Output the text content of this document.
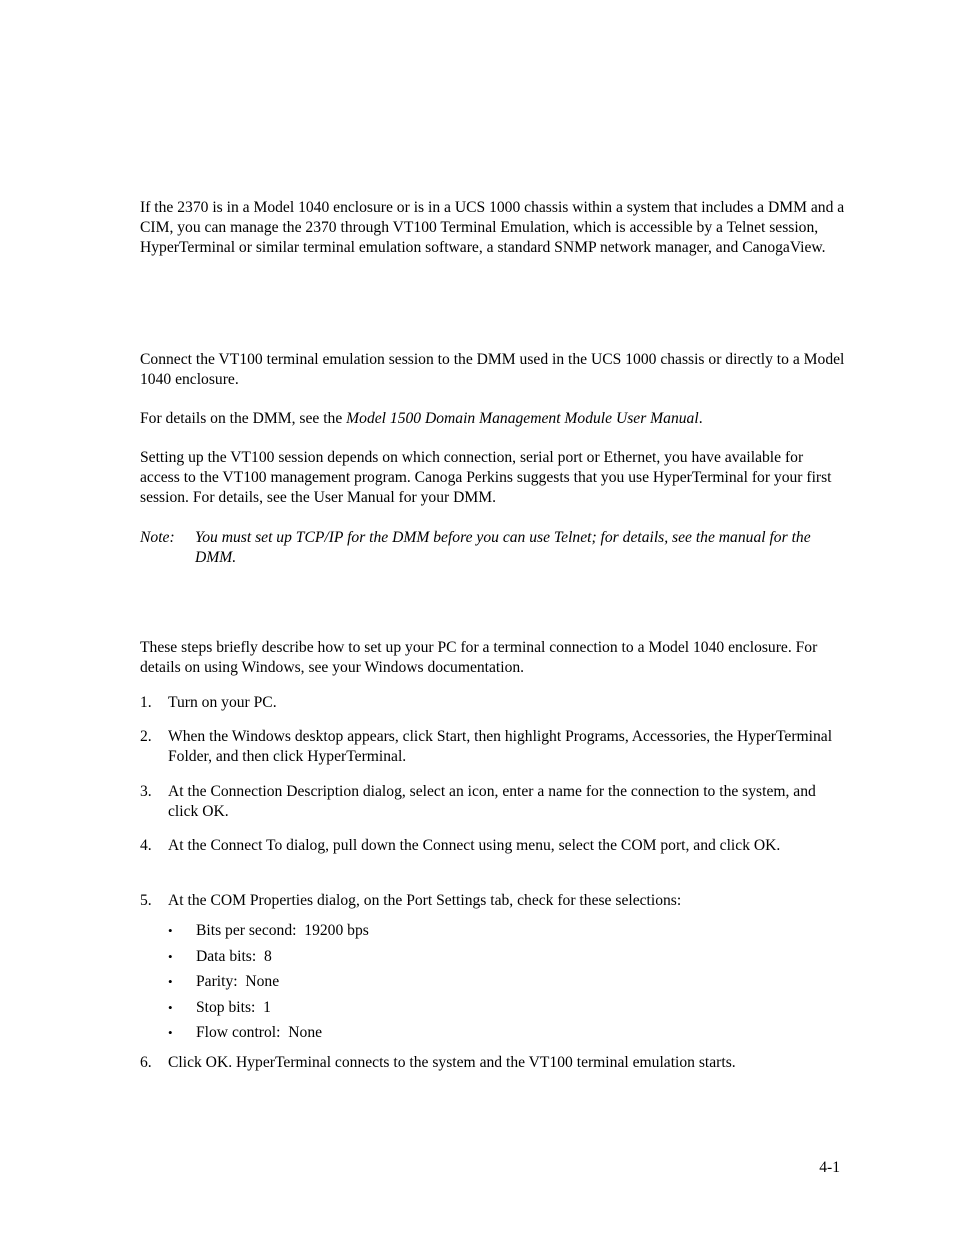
If the 2370 is in a Model 1040 enclosure or is in a UCS 1000 chassis within a system that includes a DMM and a CIM, you can manage the 2370 through VT100 Terminal Emulation, which is accessible by a Telnet session, HyperTerminal or similar terminal emulation software, a standard SNMP network manager, and CanogaView.

Connect the VT100 terminal emulation session to the DMM used in the UCS 1000 chassis or directly to a Model 1040 enclosure.

For details on the DMM, see the Model 1500 Domain Management Module User Manual.

Setting up the VT100 session depends on which connection, serial port or Ethernet, you have available for access to the VT100 management program. Canoga Perkins suggests that you use HyperTerminal for your first session. For details, see the User Manual for your DMM.

Note: You must set up TCP/IP for the DMM before you can use Telnet; for details, see the manual for the DMM.

These steps briefly describe how to set up your PC for a terminal connection to a Model 1040 enclosure. For details on using Windows, see your Windows documentation.

1. Turn on your PC.
2. When the Windows desktop appears, click Start, then highlight Programs, Accessories, the HyperTerminal Folder, and then click HyperTerminal.
3. At the Connection Description dialog, select an icon, enter a name for the connection to the system, and click OK.
4. At the Connect To dialog, pull down the Connect using menu, select the COM port, and click OK.
5. At the COM Properties dialog, on the Port Settings tab, check for these selections:
• Bits per second:  19200 bps
• Data bits:  8
• Parity:  None
• Stop bits:  1
• Flow control:  None
6. Click OK. HyperTerminal connects to the system and the VT100 terminal emulation starts.
4-1
